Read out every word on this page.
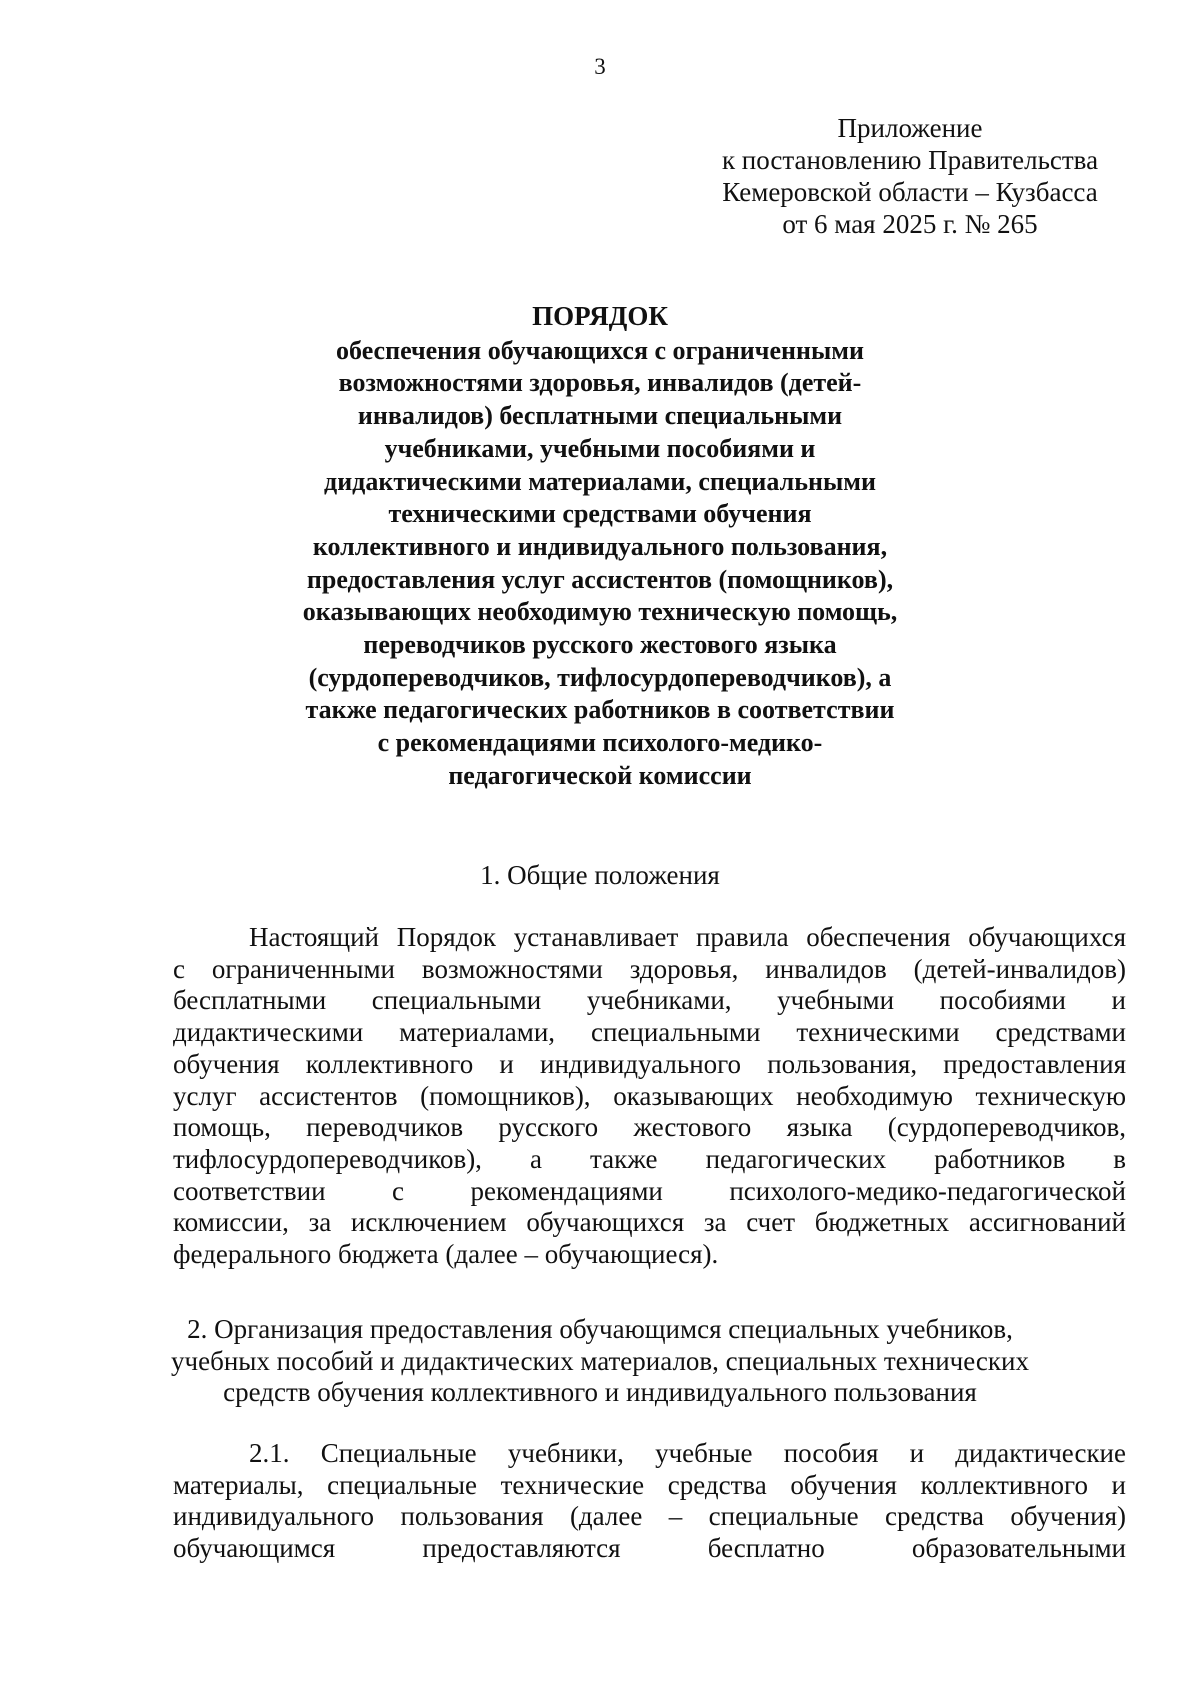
3
Приложение
к постановлению Правительства
Кемеровской области – Кузбасса
от 6 мая 2025 г. № 265
ПОРЯДОК
обеспечения обучающихся с ограниченными
возможностями здоровья, инвалидов (детей-
инвалидов) бесплатными специальными
учебниками, учебными пособиями и
дидактическими материалами, специальными
техническими средствами обучения
коллективного и индивидуального пользования,
предоставления услуг ассистентов (помощников),
оказывающих необходимую техническую помощь,
переводчиков русского жестового языка
(сурдопереводчиков, тифлосурдопереводчиков), а
также педагогических работников в соответствии
с рекомендациями психолого-медико-
педагогической комиссии
1. Общие положения
Настоящий Порядок устанавливает правила обеспечения обучающихся
с ограниченными возможностями здоровья, инвалидов (детей-инвалидов)
бесплатными специальными учебниками, учебными пособиями и
дидактическими материалами, специальными техническими средствами
обучения коллективного и индивидуального пользования, предоставления
услуг ассистентов (помощников), оказывающих необходимую техническую
помощь, переводчиков русского жестового языка (сурдопереводчиков,
тифлосурдопереводчиков), а также педагогических работников в
соответствии с рекомендациями психолого-медико-педагогической
комиссии, за исключением обучающихся за счет бюджетных ассигнований
федерального бюджета (далее – обучающиеся).
2. Организация предоставления обучающимся специальных учебников,
учебных пособий и дидактических материалов, специальных технических
средств обучения коллективного и индивидуального пользования
2.1. Специальные учебники, учебные пособия и дидактические
материалы, специальные технические средства обучения коллективного и
индивидуального пользования (далее – специальные средства обучения)
обучающимся предоставляются бесплатно образовательными
